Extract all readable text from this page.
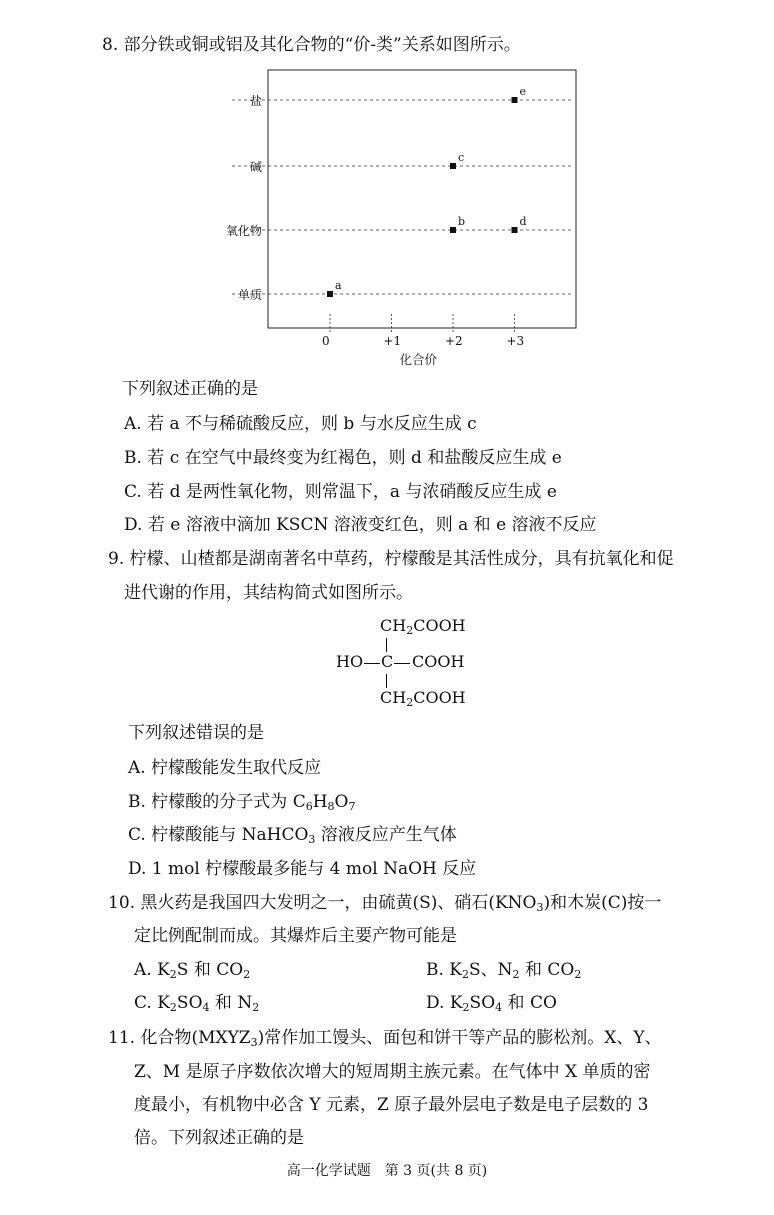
8. 部分铁或铜或铝及其化合物的“价-类”关系如图所示。
单质
氧化物
碱
盐
0	+1	+2	+3
化合价
a
b
c
d
e
下列叙述正确的是
A. 若 a 不与稀硫酸反应，则 b 与水反应生成 c
B. 若 c 在空气中最终变为红褐色，则 d 和盐酸反应生成 e
C. 若 d 是两性氧化物，则常温下，a 与浓硝酸反应生成 e
D. 若 e 溶液中滴加 KSCN 溶液变红色，则 a 和 e 溶液不反应
9. 柠檬、山楂都是湖南著名中草药，柠檬酸是其活性成分，具有抗氧化和促
进代谢的作用，其结构简式如图所示。
$CH_2COOH$
HO C COOH
$CH_2COOH$
下列叙述错误的是
A. 柠檬酸能发生取代反应
B. 柠檬酸的分子式为 $C_6H_8O_7$
C. 柠檬酸能与 NaHCO$_3$ 溶液反应产生气体
D. 1 mol 柠檬酸最多能与 4 mol NaOH 反应
10. 黑火药是我国四大发明之一，由硫黄(S)、硝石$(KNO_3)$和木炭(C)按一
定比例配制而成。其爆炸后主要产物可能是
A. $K_2S$ 和 $CO_2$	B. $K_2S$、$N_2$ 和 $CO_2$
C. $K_2SO_4$ 和 $N_2$	D. $K_2SO_4$ 和 CO
11. 化合物$(MXYZ_3)$常作加工馒头、面包和饼干等产品的膨松剂。X、Y、
Z、M 是原子序数依次增大的短周期主族元素。在气体中 X 单质的密
度最小，有机物中必含 Y 元素，Z 原子最外层电子数是电子层数的 3
倍。下列叙述正确的是
高一化学试题　第 3 页(共 8 页)
